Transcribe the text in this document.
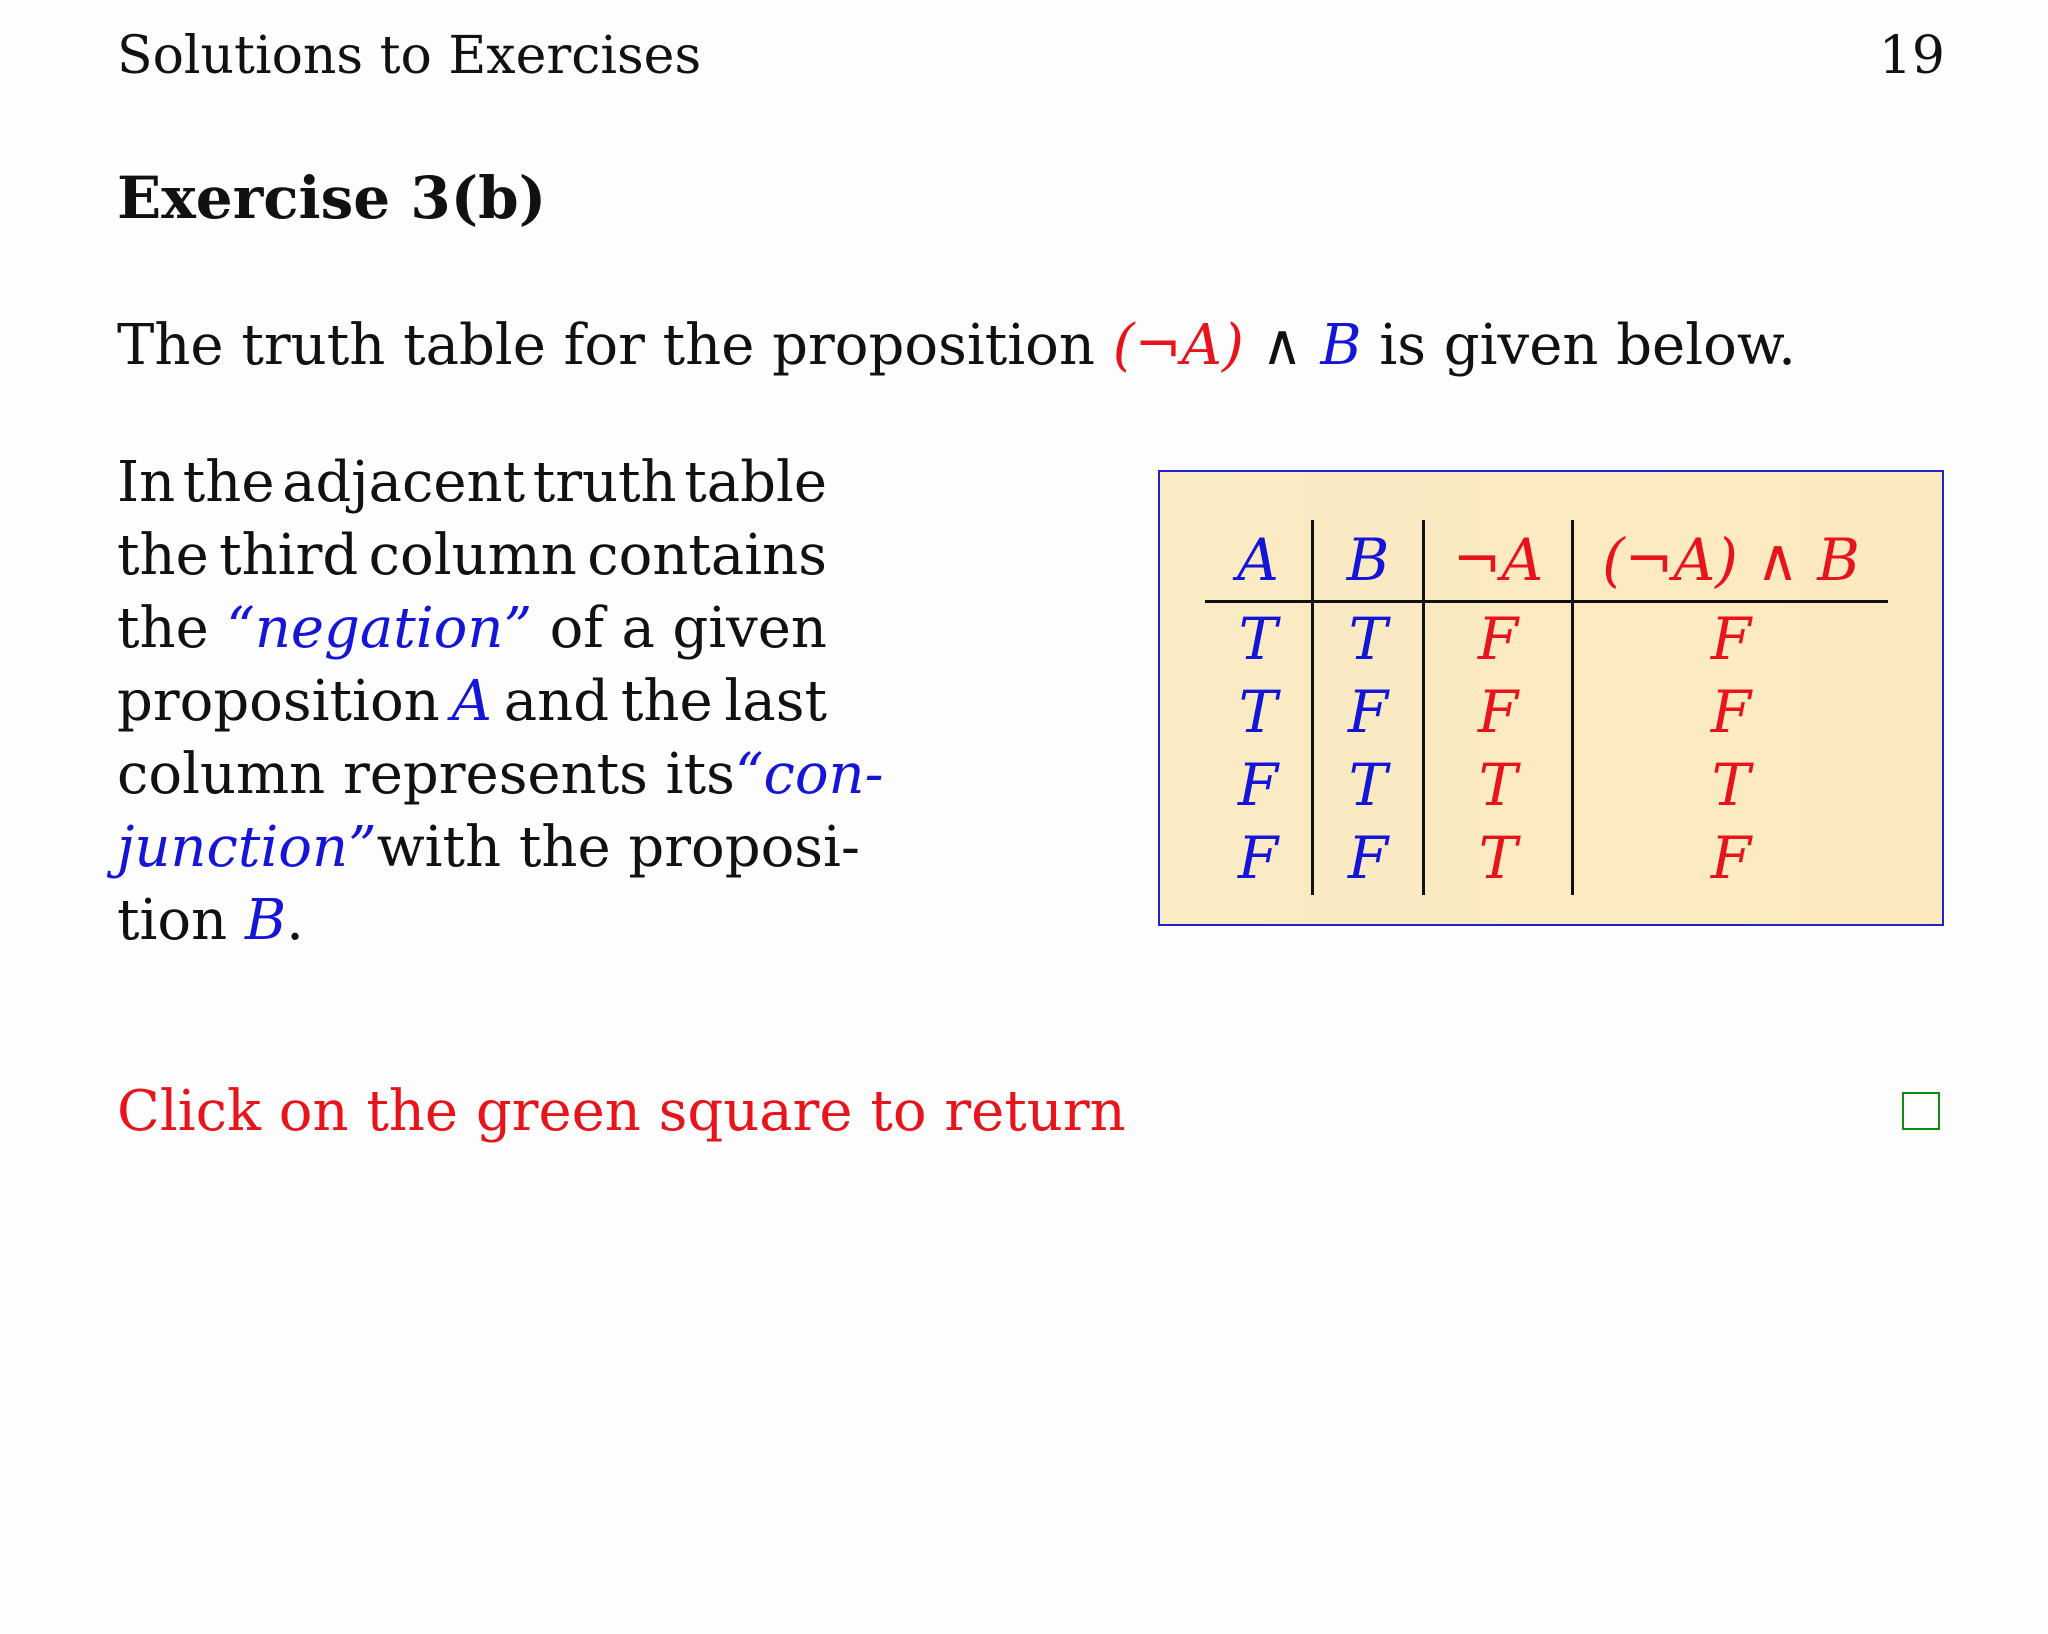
Solutions to Exercises	19
Exercise 3(b)
The truth table for the proposition (¬A) ∧ B is given below.
In the adjacent truth table
the third column contains
the “negation” of a given
proposition A and the last
column represents its “con-
junction” with the proposi-
tion B .
A	B	¬A	(¬A) ∧ B
T	T	F	F
T	F	F	F
F	T	T	T
F	F	T	F
Click on the green square to return
